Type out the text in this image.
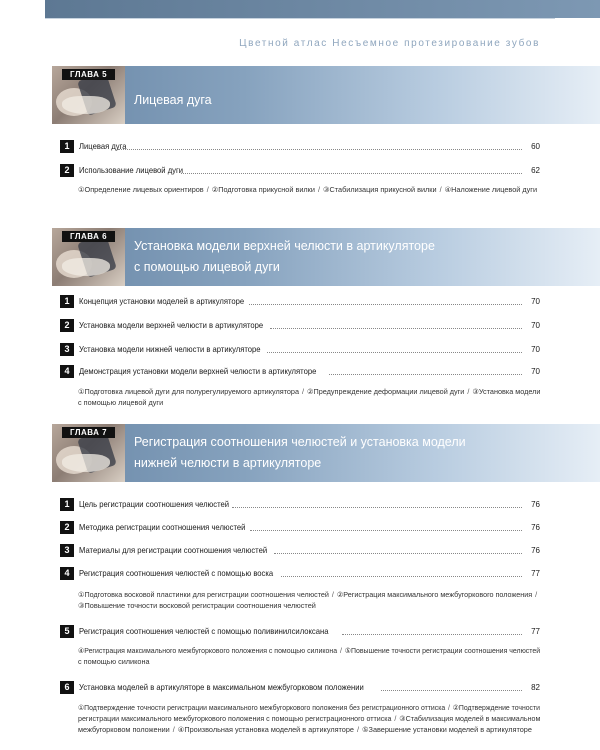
Цветной атлас Несъемное протезирование зубов
ГЛАВА 5
Лицевая дуга
1	Лицевая дуга	60
2	Использование лицевой дуги	62
①Определение лицевых ориентиров / ②Подготовка прикусной вилки / ③Стабилизация прикусной вилки / ④Наложение лицевой дуги
ГЛАВА 6
Установка модели верхней челюсти в артикуляторе
с помощью лицевой дуги
1	Концепция установки моделей в артикуляторе	70
2	Установка модели верхней челюсти в артикуляторе	70
3	Установка модели нижней челюсти в артикуляторе	70
4	Демонстрация установки модели верхней челюсти в артикуляторе	70
①Подготовка лицевой дуги для полурегулируемого артикулятора / ②Предупреждение деформации лицевой дуги / ③Установка модели
с помощью лицевой дуги
ГЛАВА 7
Регистрация соотношения челюстей и установка модели
нижней челюсти в артикуляторе
1	Цель регистрации соотношения челюстей	76
2	Методика регистрации соотношения челюстей	76
3	Материалы для регистрации соотношения челюстей	76
4	Регистрация соотношения челюстей с помощью воска	77
①Подготовка восковой пластинки для регистрации соотношения челюстей / ②Регистрация максимального межбугоркового положения /
③Повышение точности восковой регистрации соотношения челюстей
5	Регистрация соотношения челюстей с помощью поливинилсилоксана	77
④Регистрация максимального межбугоркового положения с помощью силикона / ⑤Повышение точности регистрации соотношения челюстей
с помощью силикона
6	Установка моделей в артикуляторе в максимальном межбугорковом положении	82
①Подтверждение точности регистрации максимального межбугоркового положения без регистрационного оттиска / ②Подтверждение точности
регистрации максимального межбугоркового положения с помощью регистрационного оттиска / ③Стабилизация моделей в максимальном
межбугорковом положении / ④Произвольная установка моделей в артикуляторе / ⑤Завершение установки моделей в артикуляторе
